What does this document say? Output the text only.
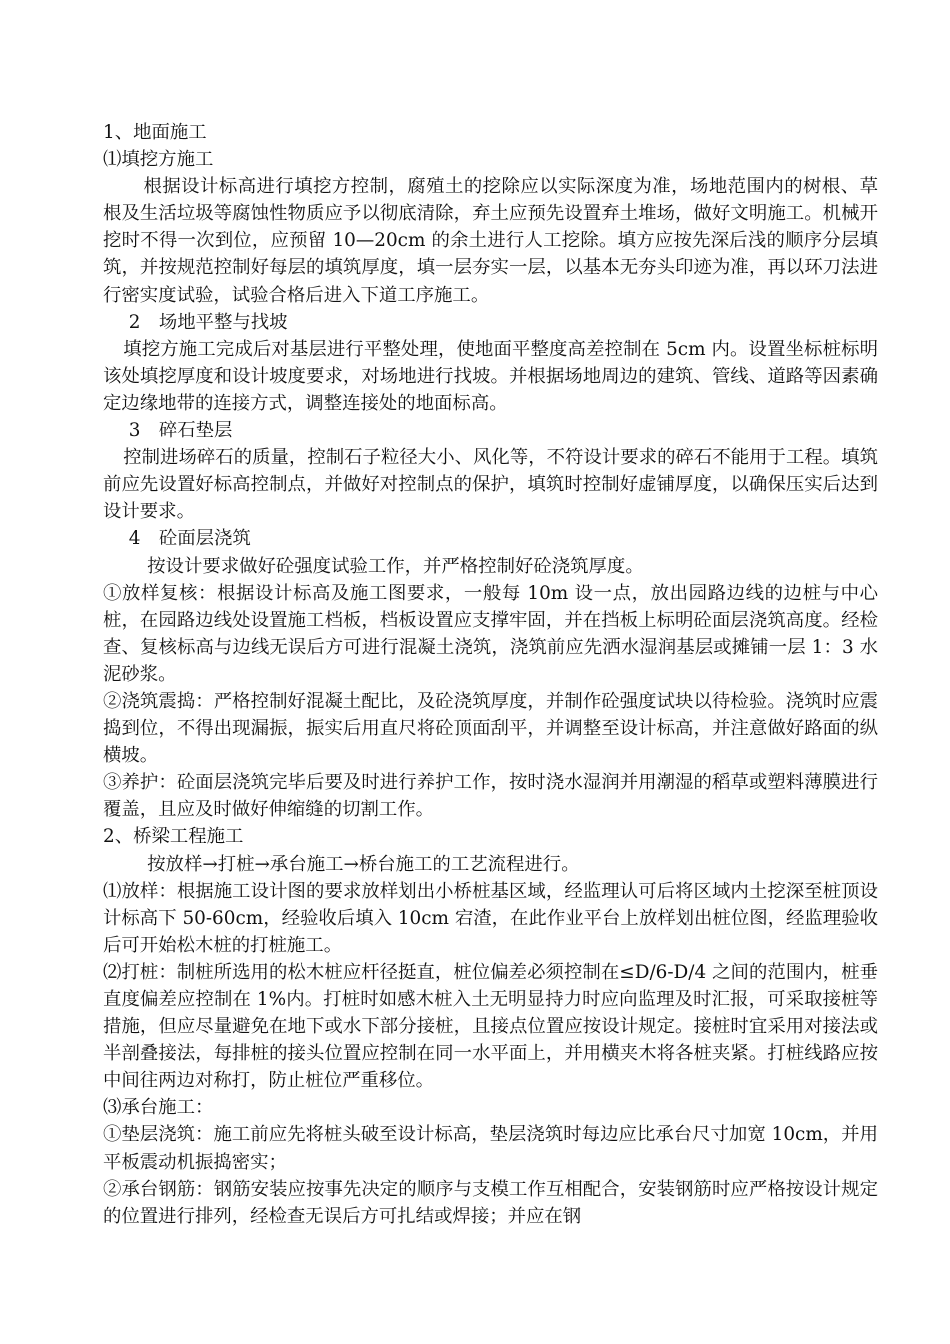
1、地面施工
⑴填挖方施工
根据设计标高进行填挖方控制，腐殖土的挖除应以实际深度为准，场地范围内的树根、草根及生活垃圾等腐蚀性物质应予以彻底清除，弃土应预先设置弃土堆场，做好文明施工。机械开挖时不得一次到位，应预留 10—20cm 的余土进行人工挖除。填方应按先深后浅的顺序分层填筑，并按规范控制好每层的填筑厚度，填一层夯实一层，以基本无夯头印迹为准，再以环刀法进行密实度试验，试验合格后进入下道工序施工。
2　场地平整与找坡
填挖方施工完成后对基层进行平整处理，使地面平整度高差控制在 5cm 内。设置坐标桩标明该处填挖厚度和设计坡度要求，对场地进行找坡。并根据场地周边的建筑、管线、道路等因素确定边缘地带的连接方式，调整连接处的地面标高。
3　碎石垫层
控制进场碎石的质量，控制石子粒径大小、风化等，不符设计要求的碎石不能用于工程。填筑前应先设置好标高控制点，并做好对控制点的保护，填筑时控制好虚铺厚度，以确保压实后达到设计要求。
4　砼面层浇筑
按设计要求做好砼强度试验工作，并严格控制好砼浇筑厚度。
①放样复核：根据设计标高及施工图要求，一般每 10m 设一点，放出园路边线的边桩与中心桩，在园路边线处设置施工档板，档板设置应支撑牢固，并在挡板上标明砼面层浇筑高度。经检查、复核标高与边线无误后方可进行混凝土浇筑，浇筑前应先洒水湿润基层或摊铺一层 1：3 水泥砂浆。
②浇筑震捣：严格控制好混凝土配比，及砼浇筑厚度，并制作砼强度试块以待检验。浇筑时应震捣到位，不得出现漏振，振实后用直尺将砼顶面刮平，并调整至设计标高，并注意做好路面的纵横坡。
③养护：砼面层浇筑完毕后要及时进行养护工作，按时浇水湿润并用潮湿的稻草或塑料薄膜进行覆盖，且应及时做好伸缩缝的切割工作。
2、桥梁工程施工
按放样→打桩→承台施工→桥台施工的工艺流程进行。
⑴放样：根据施工设计图的要求放样划出小桥桩基区域，经监理认可后将区域内土挖深至桩顶设计标高下 50-60cm，经验收后填入 10cm 宕渣，在此作业平台上放样划出桩位图，经监理验收后可开始松木桩的打桩施工。
⑵打桩：制桩所选用的松木桩应杆径挺直，桩位偏差必须控制在≤D/6-D/4 之间的范围内，桩垂直度偏差应控制在 1%内。打桩时如感木桩入土无明显持力时应向监理及时汇报，可采取接桩等措施，但应尽量避免在地下或水下部分接桩，且接点位置应按设计规定。接桩时宜采用对接法或半剖叠接法，每排桩的接头位置应控制在同一水平面上，并用横夹木将各桩夹紧。打桩线路应按中间往两边对称打，防止桩位严重移位。
⑶承台施工：
①垫层浇筑：施工前应先将桩头破至设计标高，垫层浇筑时每边应比承台尺寸加宽 10cm，并用平板震动机振捣密实；
②承台钢筋：钢筋安装应按事先决定的顺序与支模工作互相配合，安装钢筋时应严格按设计规定的位置进行排列，经检查无误后方可扎结或焊接；并应在钢
